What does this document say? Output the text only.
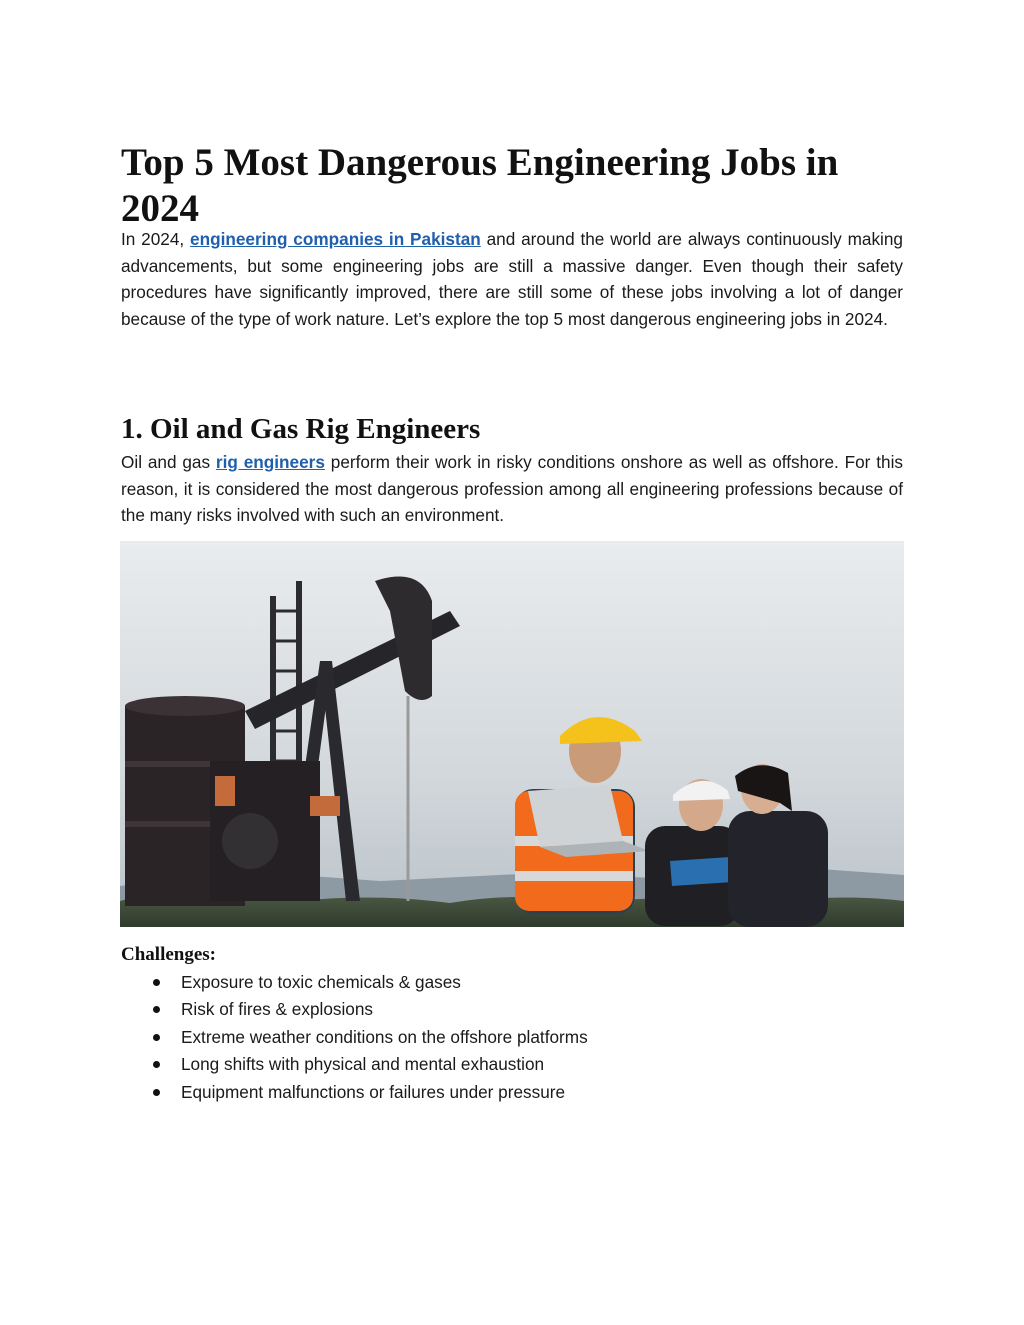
Top 5 Most Dangerous Engineering Jobs in 2024

In 2024, engineering companies in Pakistan and around the world are always continuously making advancements, but some engineering jobs are still a massive danger. Even though their safety procedures have significantly improved, there are still some of these jobs involving a lot of danger because of the type of work nature. Let’s explore the top 5 most dangerous engineering jobs in 2024.

1. Oil and Gas Rig Engineers

Oil and gas rig engineers perform their work in risky conditions onshore as well as offshore. For this reason, it is considered the most dangerous profession among all engineering professions because of the many risks involved with such an environment.

Challenges:
Exposure to toxic chemicals & gases
Risk of fires & explosions
Extreme weather conditions on the offshore platforms
Long shifts with physical and mental exhaustion
Equipment malfunctions or failures under pressure
